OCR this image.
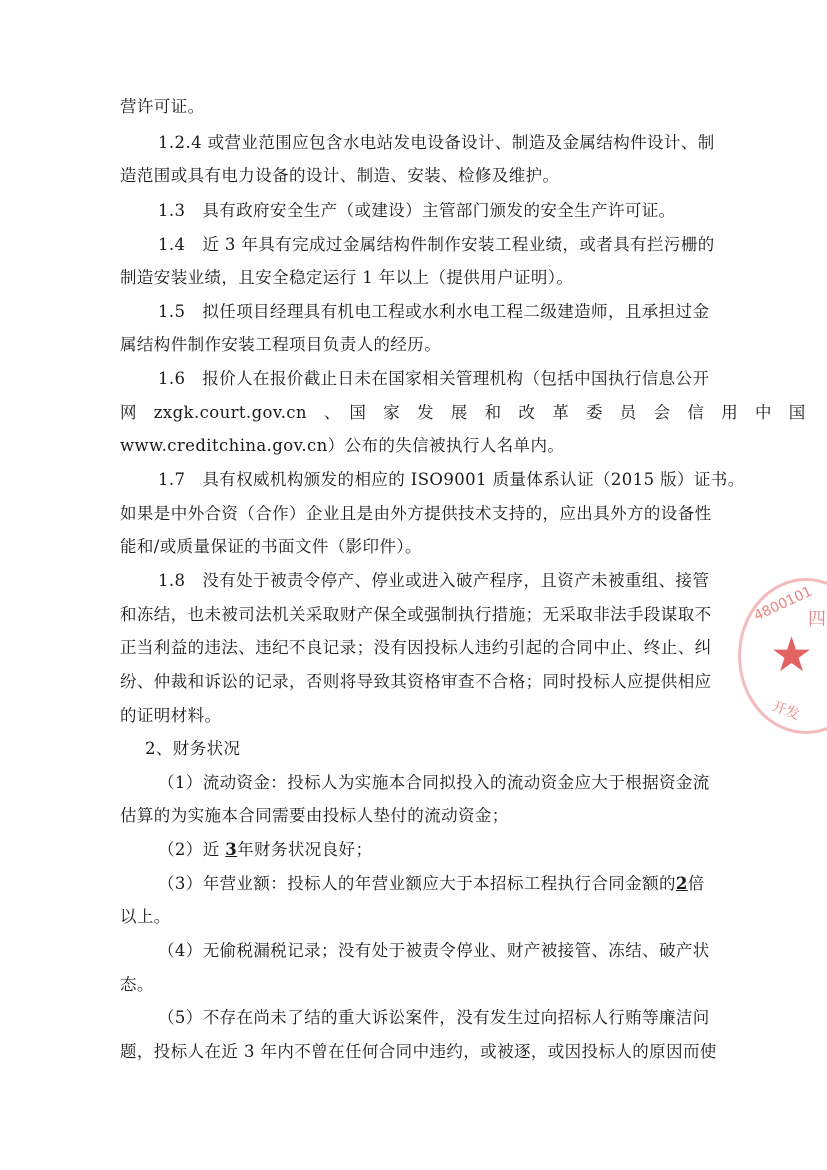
营许可证。
1.2.4 或营业范围应包含水电站发电设备设计、制造及金属结构件设计、制
造范围或具有电力设备的设计、制造、安装、检修及维护。
1.3　具有政府安全生产（或建设）主管部门颁发的安全生产许可证。
1.4　近 3 年具有完成过金属结构件制作安装工程业绩，或者具有拦污栅的
制造安装业绩，且安全稳定运行 1 年以上（提供用户证明）。
1.5　拟任项目经理具有机电工程或水利水电工程二级建造师，且承担过金
属结构件制作安装工程项目负责人的经历。
1.6　报价人在报价截止日未在国家相关管理机构（包括中国执行信息公开
网　zxgk.court.gov.cn　、　国　家　发　展　和　改　革　委　员　会　信　用　中　国
www.creditchina.gov.cn）公布的失信被执行人名单内。
1.7　具有权威机构颁发的相应的 ISO9001 质量体系认证（2015 版）证书。
如果是中外合资（合作）企业且是由外方提供技术支持的，应出具外方的设备性
能和/或质量保证的书面文件（影印件）。
1.8　没有处于被责令停产、停业或进入破产程序，且资产未被重组、接管
和冻结，也未被司法机关采取财产保全或强制执行措施；无采取非法手段谋取不
正当利益的违法、违纪不良记录；没有因投标人违约引起的合同中止、终止、纠
纷、仲裁和诉讼的记录，否则将导致其资格审查不合格；同时投标人应提供相应
的证明材料。
2、财务状况
（1）流动资金：投标人为实施本合同拟投入的流动资金应大于根据资金流
估算的为实施本合同需要由投标人垫付的流动资金；
（2）近 3年财务状况良好；
（3）年营业额：投标人的年营业额应大于本招标工程执行合同金额的2倍
以上。
（4）无偷税漏税记录；没有处于被责令停业、财产被接管、冻结、破产状
态。
（5）不存在尚未了结的重大诉讼案件，没有发生过向招标人行贿等廉洁问
题，投标人在近 3 年内不曾在任何合同中违约，或被逐，或因投标人的原因而使
★
4800101
四
开发
